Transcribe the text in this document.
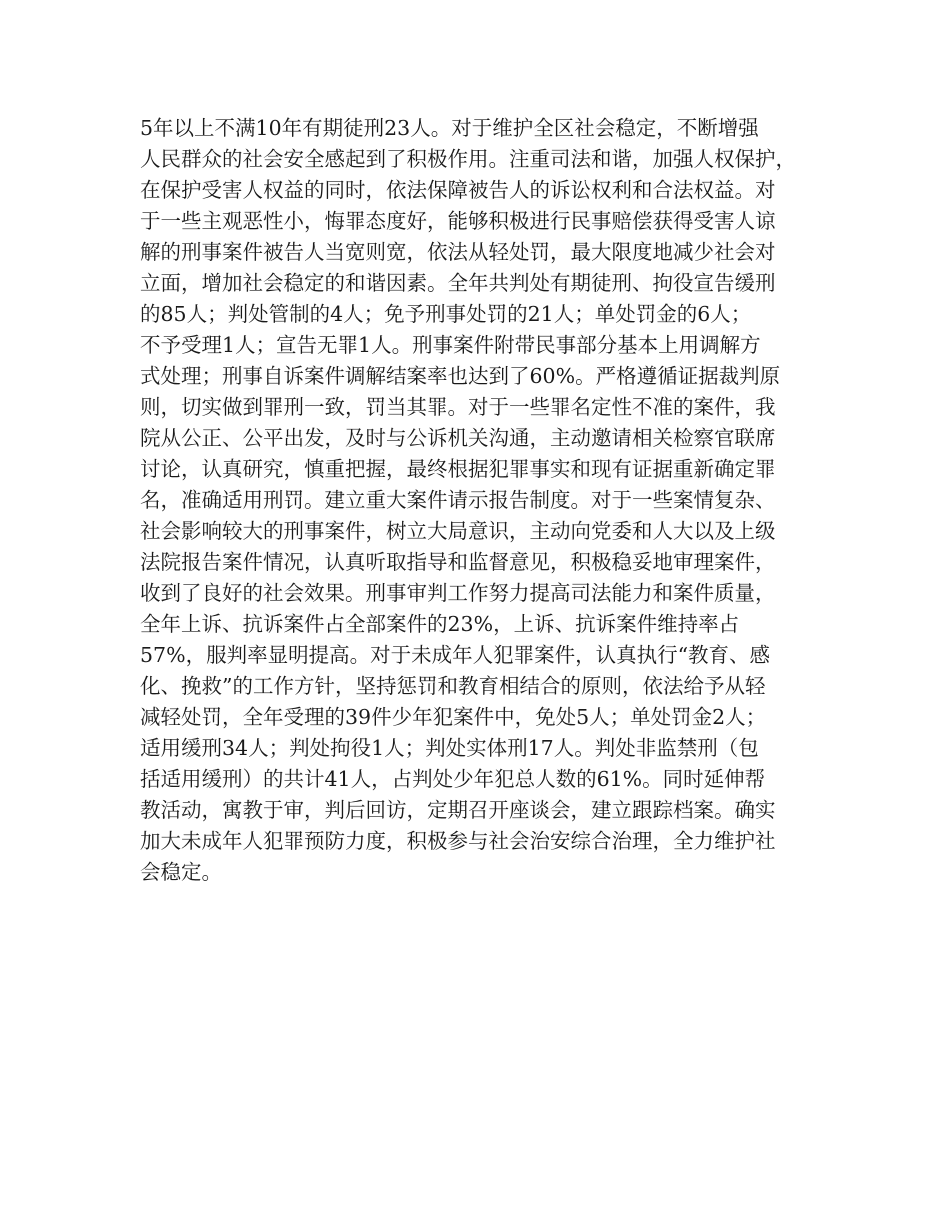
5年以上不满10年有期徒刑23人。对于维护全区社会稳定，不断增强
人民群众的社会安全感起到了积极作用。注重司法和谐，加强人权保护，
在保护受害人权益的同时，依法保障被告人的诉讼权利和合法权益。对
于一些主观恶性小，悔罪态度好，能够积极进行民事赔偿获得受害人谅
解的刑事案件被告人当宽则宽，依法从轻处罚，最大限度地减少社会对
立面，增加社会稳定的和谐因素。全年共判处有期徒刑、拘役宣告缓刑
的85人；判处管制的4人；免予刑事处罚的21人；单处罚金的6人；
不予受理1人；宣告无罪1人。刑事案件附带民事部分基本上用调解方
式处理；刑事自诉案件调解结案率也达到了60%。严格遵循证据裁判原
则，切实做到罪刑一致，罚当其罪。对于一些罪名定性不准的案件，我
院从公正、公平出发，及时与公诉机关沟通，主动邀请相关检察官联席
讨论，认真研究，慎重把握，最终根据犯罪事实和现有证据重新确定罪
名，准确适用刑罚。建立重大案件请示报告制度。对于一些案情复杂、
社会影响较大的刑事案件，树立大局意识，主动向党委和人大以及上级
法院报告案件情况，认真听取指导和监督意见，积极稳妥地审理案件，
收到了良好的社会效果。刑事审判工作努力提高司法能力和案件质量，
全年上诉、抗诉案件占全部案件的23%，上诉、抗诉案件维持率占
57%，服判率显明提高。对于未成年人犯罪案件，认真执行“教育、感
化、挽救”的工作方针，坚持惩罚和教育相结合的原则，依法给予从轻
减轻处罚，全年受理的39件少年犯案件中，免处5人；单处罚金2人；
适用缓刑34人；判处拘役1人；判处实体刑17人。判处非监禁刑（包
括适用缓刑）的共计41人，占判处少年犯总人数的61%。同时延伸帮
教活动，寓教于审，判后回访，定期召开座谈会，建立跟踪档案。确实
加大未成年人犯罪预防力度，积极参与社会治安综合治理，全力维护社
会稳定。
